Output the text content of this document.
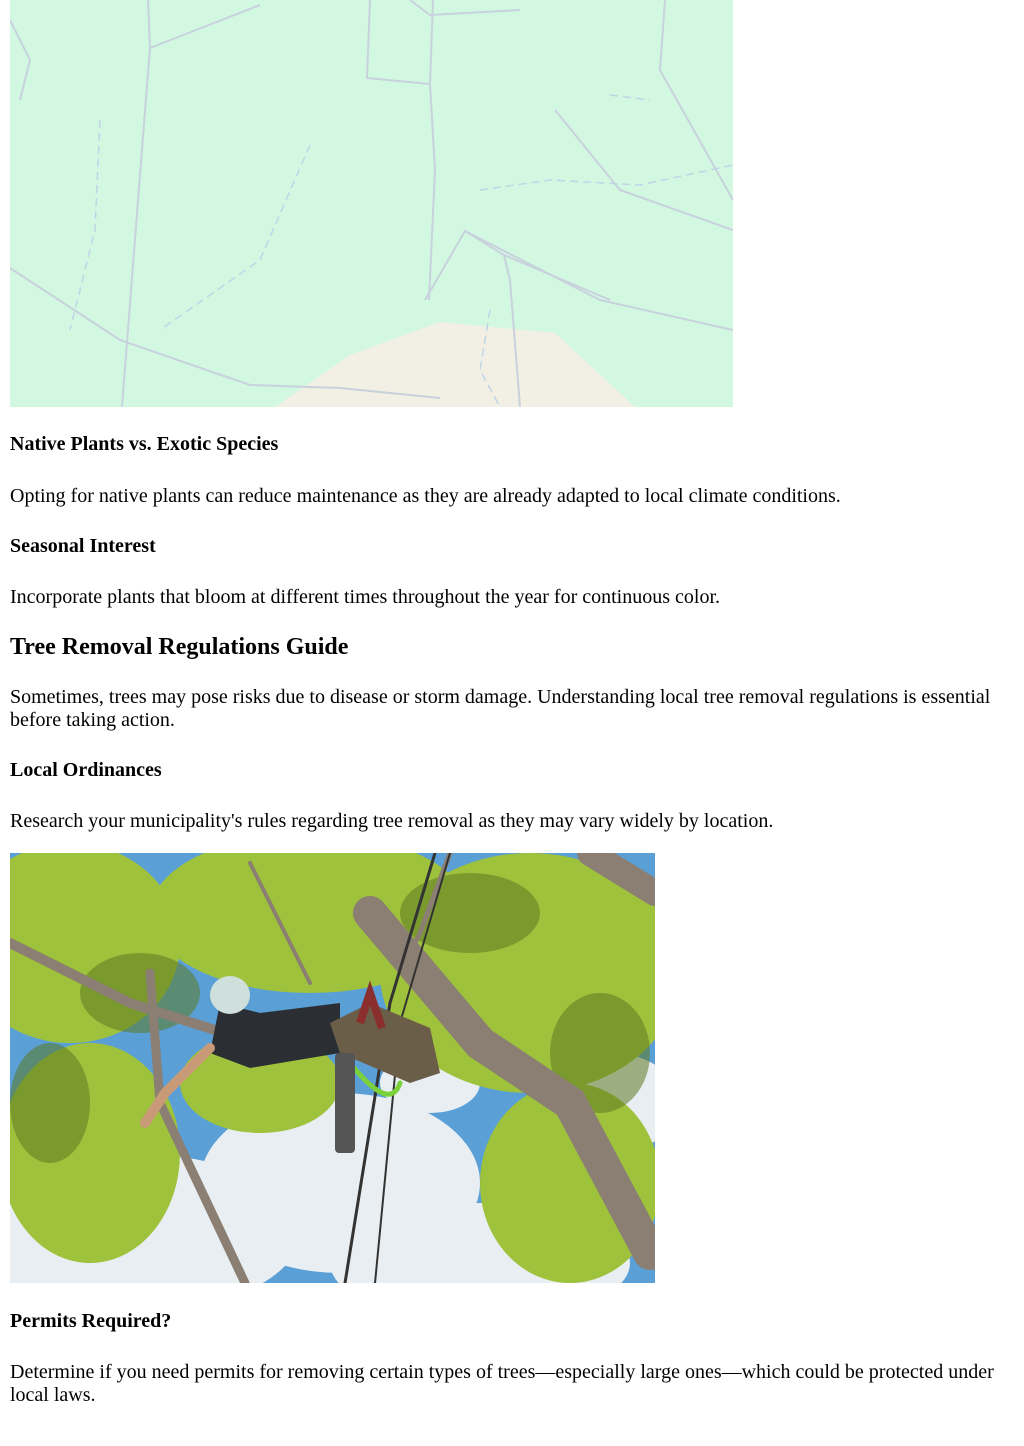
Native Plants vs. Exotic Species

Opting for native plants can reduce maintenance as they are already adapted to local climate conditions.

Seasonal Interest

Incorporate plants that bloom at different times throughout the year for continuous color.

Tree Removal Regulations Guide

Sometimes, trees may pose risks due to disease or storm damage. Understanding local tree removal regulations is essential before taking action.

Local Ordinances

Research your municipality's rules regarding tree removal as they may vary widely by location.

Permits Required?

Determine if you need permits for removing certain types of trees—especially large ones—which could be protected under local laws.
